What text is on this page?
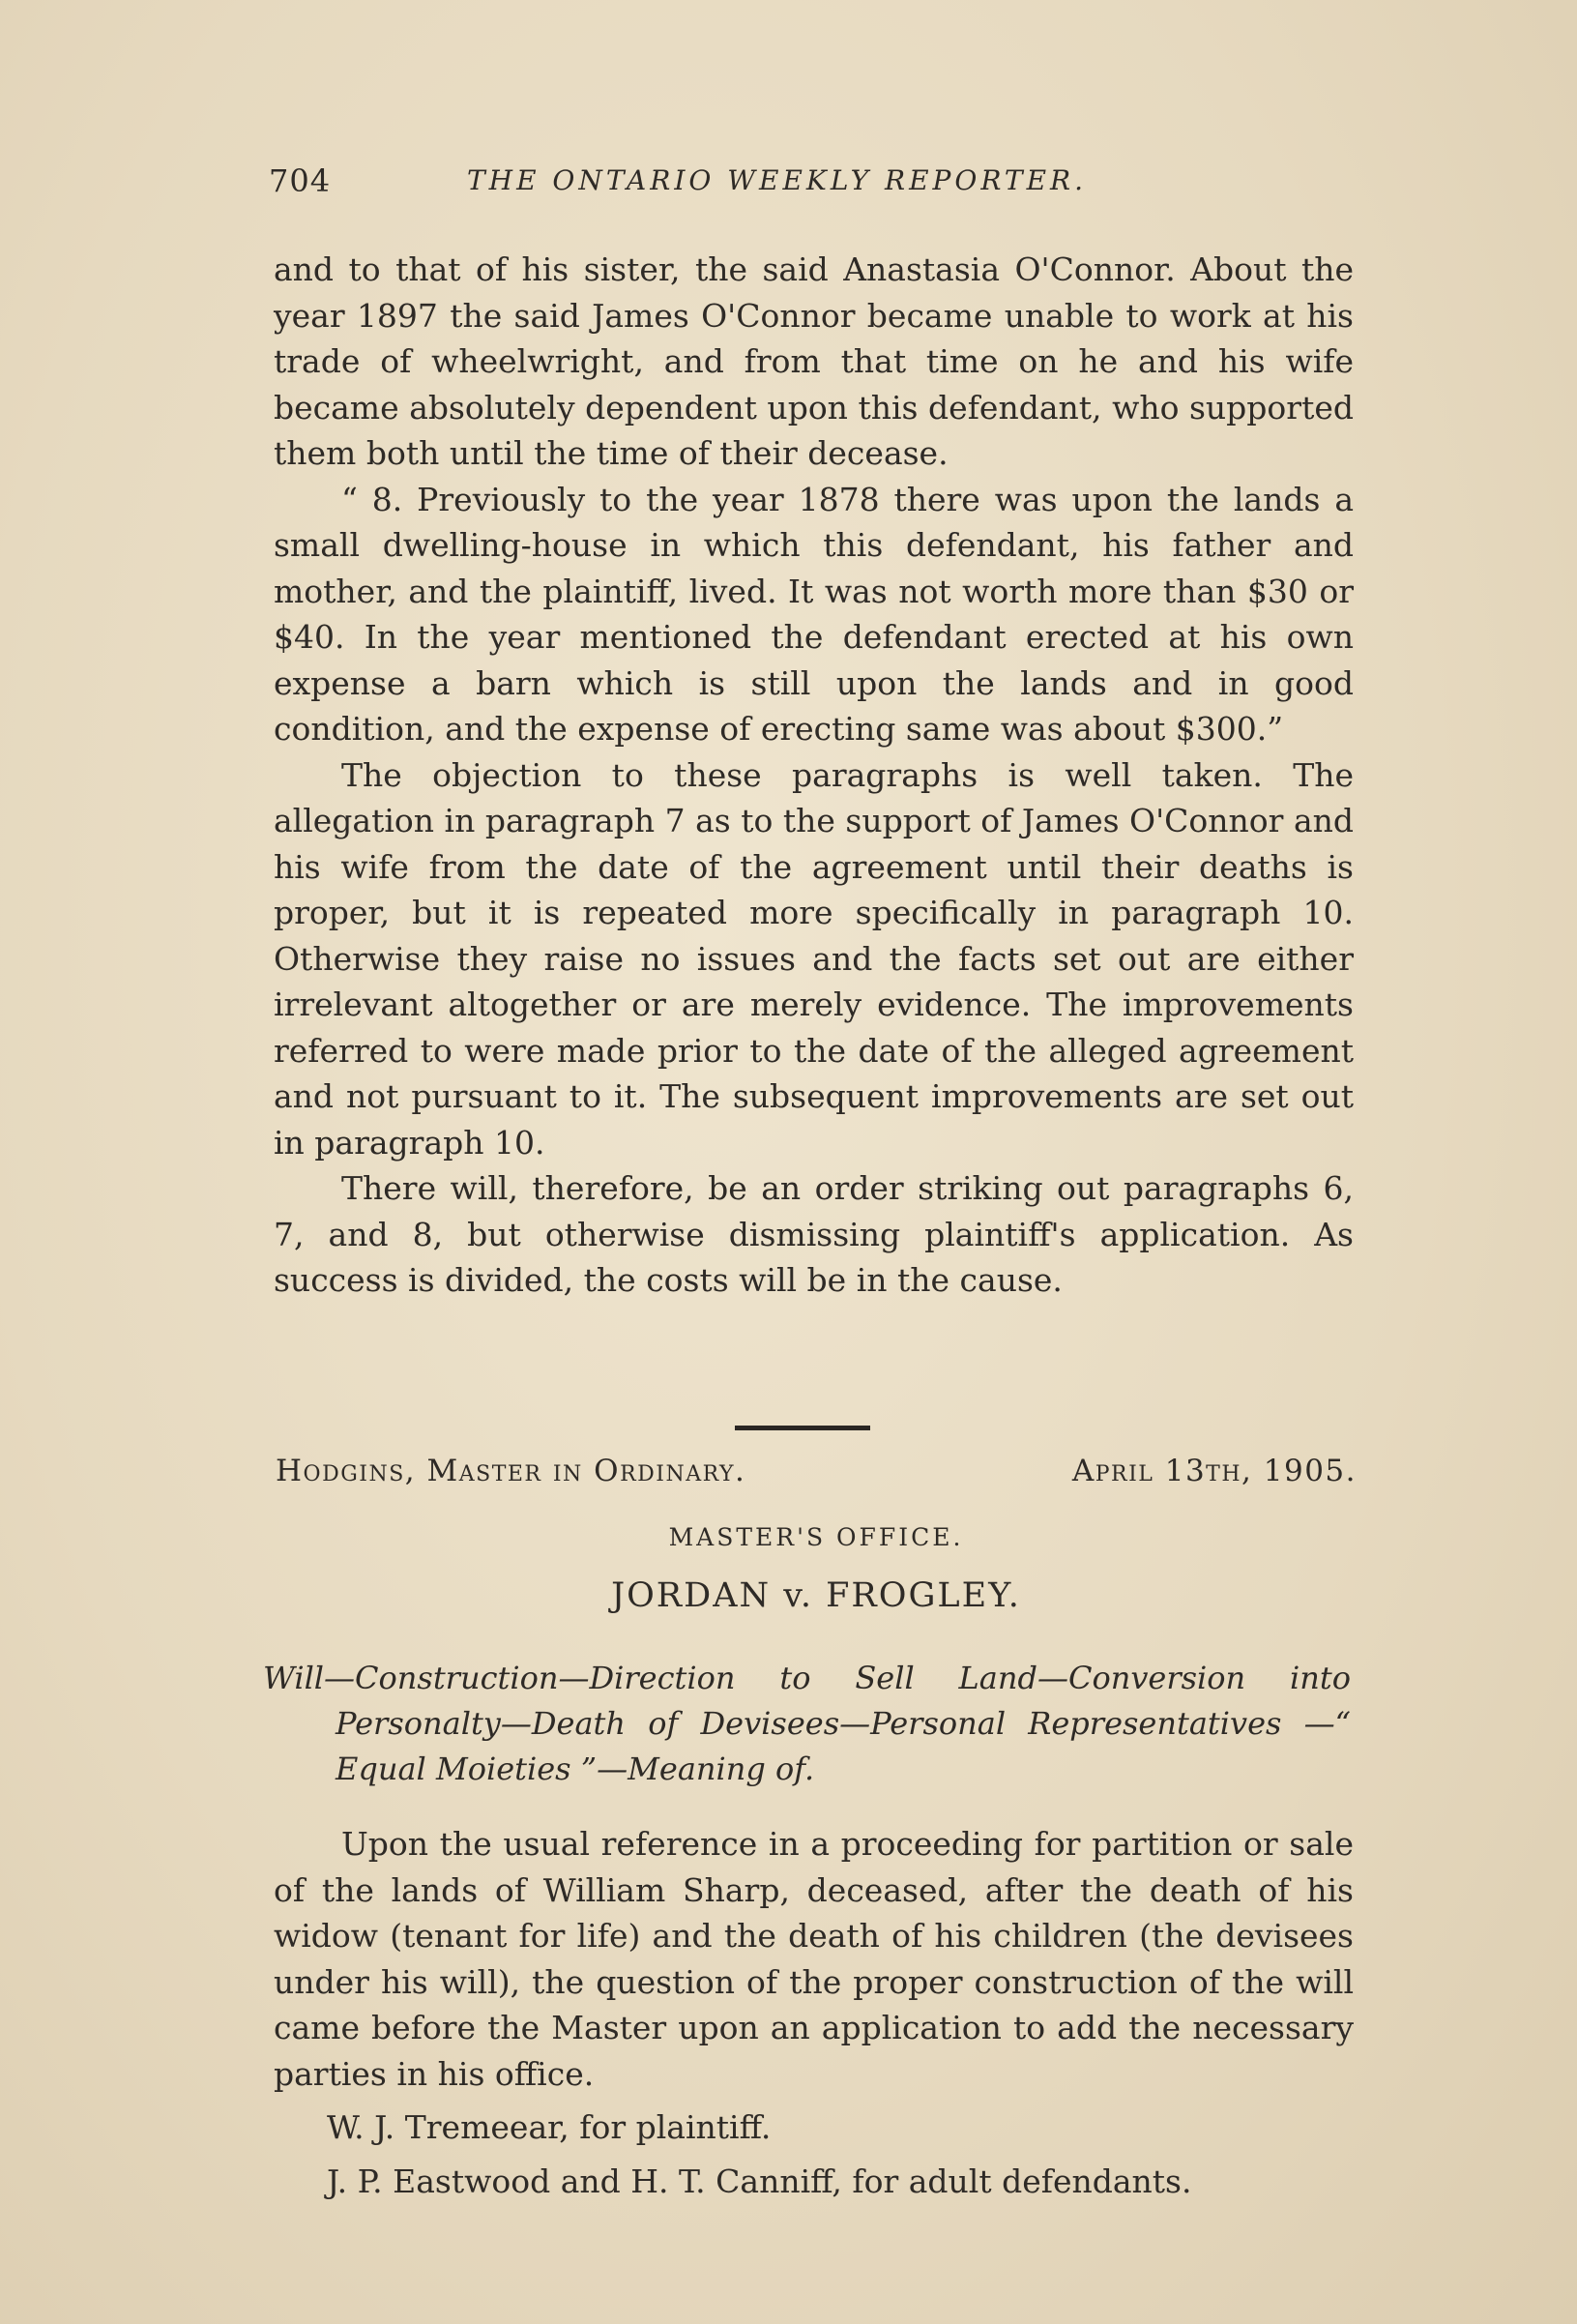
704	THE ONTARIO WEEKLY REPORTER.

and to that of his sister, the said Anastasia O'Connor. About the year 1897 the said James O'Connor became unable to work at his trade of wheelwright, and from that time on he and his wife became absolutely dependent upon this defendant, who supported them both until the time of their decease.

“ 8. Previously to the year 1878 there was upon the lands a small dwelling-house in which this defendant, his father and mother, and the plaintiff, lived. It was not worth more than $30 or $40. In the year mentioned the defendant erected at his own expense a barn which is still upon the lands and in good condition, and the expense of erecting same was about $300.”

The objection to these paragraphs is well taken. The allegation in paragraph 7 as to the support of James O'Connor and his wife from the date of the agreement until their deaths is proper, but it is repeated more specifically in paragraph 10. Otherwise they raise no issues and the facts set out are either irrelevant altogether or are merely evidence. The improvements referred to were made prior to the date of the alleged agreement and not pursuant to it. The subsequent improvements are set out in paragraph 10.

There will, therefore, be an order striking out paragraphs 6, 7, and 8, but otherwise dismissing plaintiff's application. As success is divided, the costs will be in the cause.

Hodgins, Master in Ordinary.	April 13th, 1905.
MASTER'S OFFICE.
JORDAN v. FROGLEY.
Will—Construction—Direction to Sell Land—Conversion into Personalty—Death of Devisees—Personal Representatives —“ Equal Moieties ”—Meaning of.

Upon the usual reference in a proceeding for partition or sale of the lands of William Sharp, deceased, after the death of his widow (tenant for life) and the death of his children (the devisees under his will), the question of the proper construction of the will came before the Master upon an application to add the necessary parties in his office.

W. J. Tremeear, for plaintiff.

J. P. Eastwood and H. T. Canniff, for adult defendants.
